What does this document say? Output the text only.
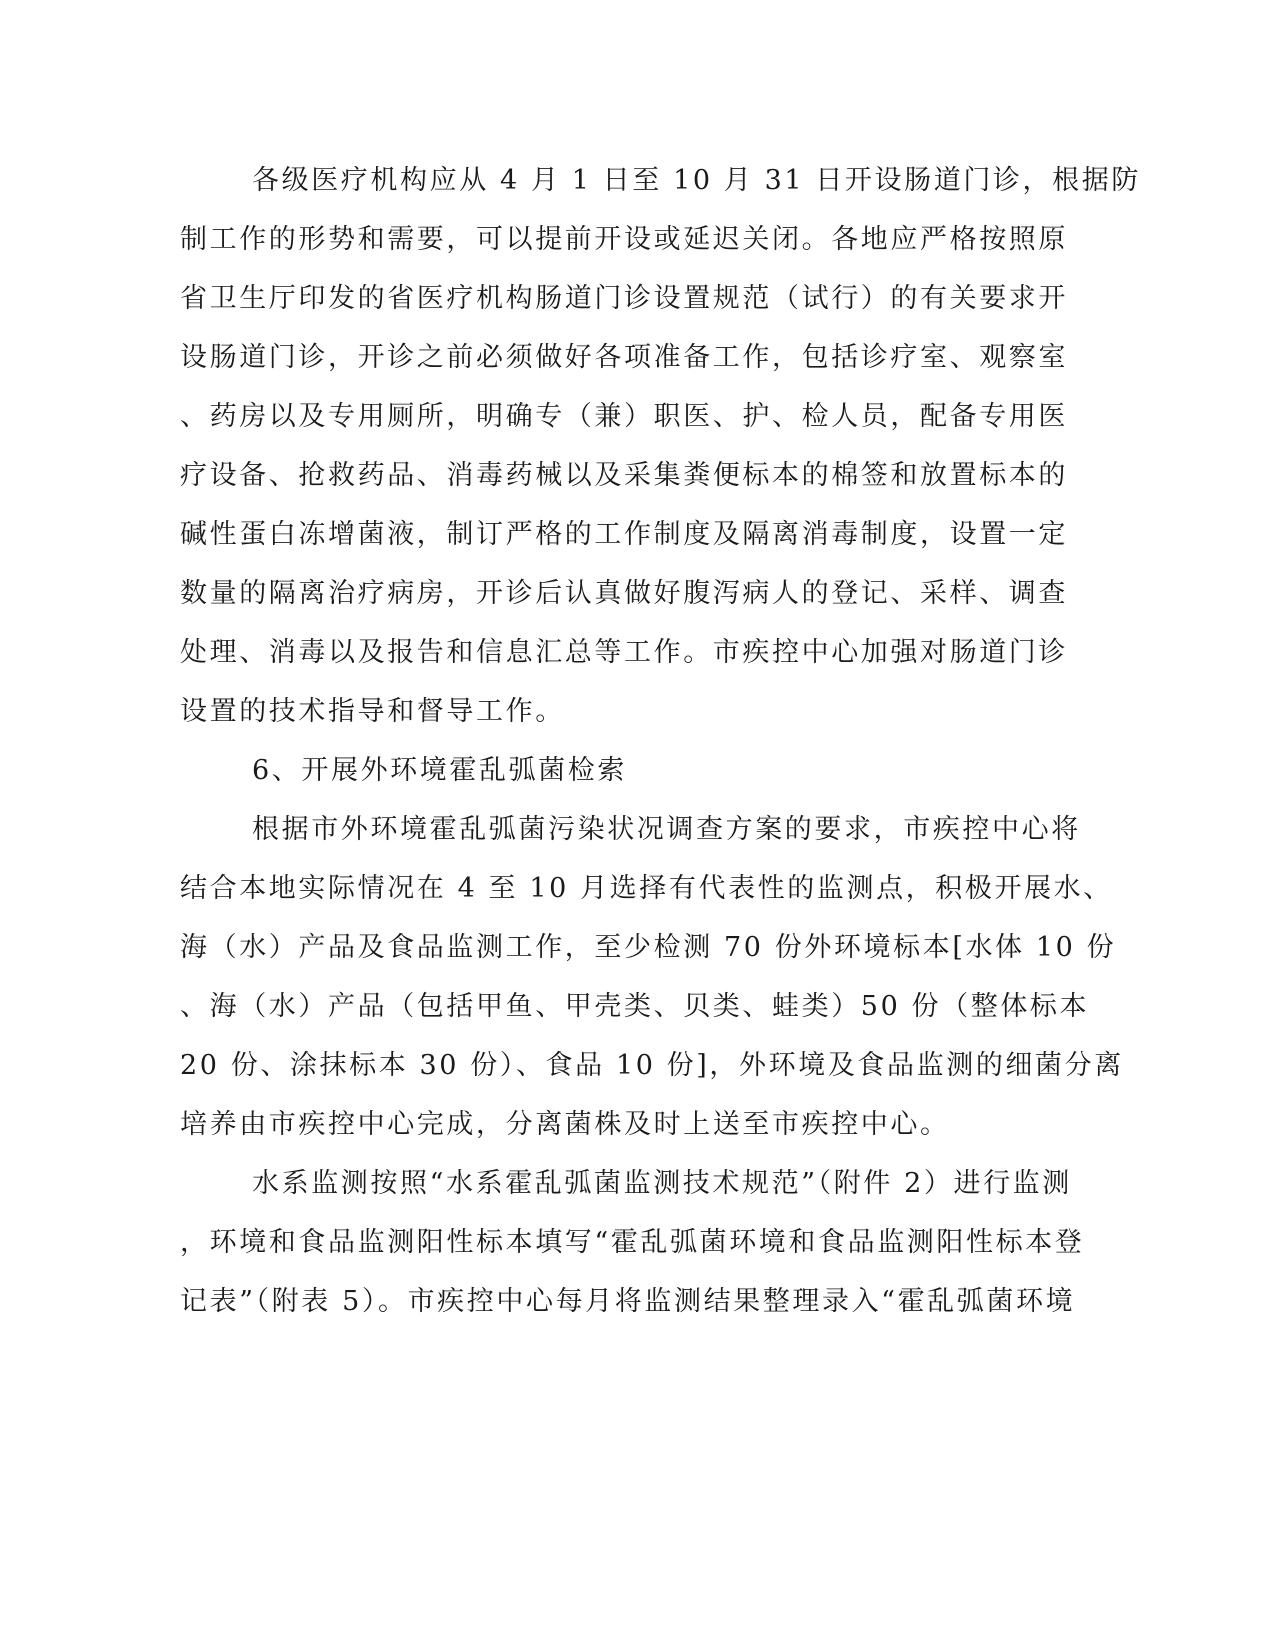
各级医疗机构应从 4 月 1 日至 10 月 31 日开设肠道门诊，根据防
制工作的形势和需要，可以提前开设或延迟关闭。各地应严格按照原
省卫生厅印发的省医疗机构肠道门诊设置规范（试行）的有关要求开
设肠道门诊，开诊之前必须做好各项准备工作，包括诊疗室、观察室
、药房以及专用厕所，明确专（兼）职医、护、检人员，配备专用医
疗设备、抢救药品、消毒药械以及采集粪便标本的棉签和放置标本的
碱性蛋白冻增菌液，制订严格的工作制度及隔离消毒制度，设置一定
数量的隔离治疗病房，开诊后认真做好腹泻病人的登记、采样、调查
处理、消毒以及报告和信息汇总等工作。市疾控中心加强对肠道门诊
设置的技术指导和督导工作。
6、开展外环境霍乱弧菌检索
根据市外环境霍乱弧菌污染状况调查方案的要求，市疾控中心将
结合本地实际情况在 4 至 10 月选择有代表性的监测点，积极开展水、
海（水）产品及食品监测工作，至少检测 70 份外环境标本[水体 10 份
、海（水）产品（包括甲鱼、甲壳类、贝类、蛙类）50 份（整体标本
20 份、涂抹标本 30 份）、食品 10 份]，外环境及食品监测的细菌分离
培养由市疾控中心完成，分离菌株及时上送至市疾控中心。
水系监测按照“水系霍乱弧菌监测技术规范”（附件 2）进行监测
，环境和食品监测阳性标本填写“霍乱弧菌环境和食品监测阳性标本登
记表”（附表 5）。市疾控中心每月将监测结果整理录入“霍乱弧菌环境
